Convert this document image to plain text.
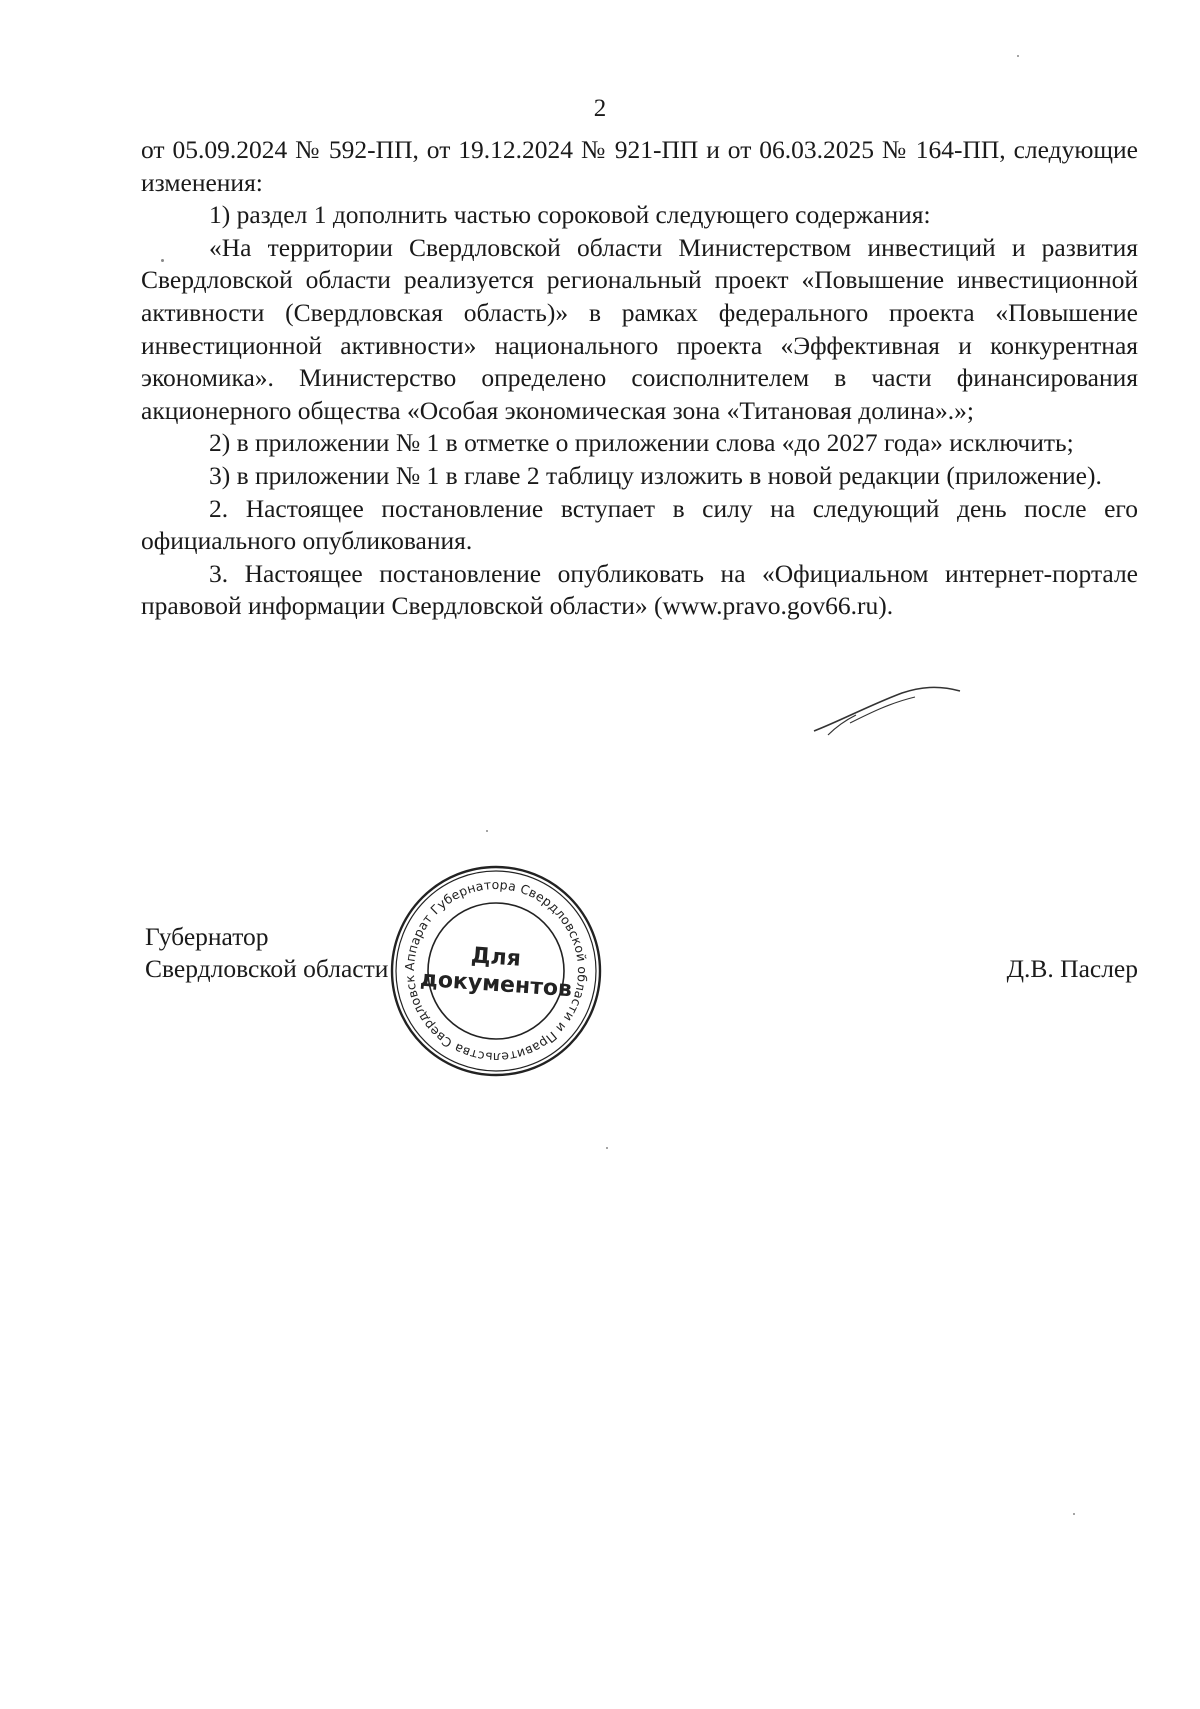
2

от 05.09.2024 № 592-ПП, от 19.12.2024 № 921-ПП и от 06.03.2025 № 164-ПП, следующие изменения:

1) раздел 1 дополнить частью сороковой следующего содержания:

«На территории Свердловской области Министерством инвестиций и развития Свердловской области реализуется региональный проект «Повышение инвестиционной активности (Свердловская область)» в рамках федерального проекта «Повышение инвестиционной активности» национального проекта «Эффективная и конкурентная экономика». Министерство определено соисполнителем в части финансирования акционерного общества «Особая экономическая зона «Титановая долина».»;

2) в приложении № 1 в отметке о приложении слова «до 2027 года» исключить;

3) в приложении № 1 в главе 2 таблицу изложить в новой редакции (приложение).

2. Настоящее постановление вступает в силу на следующий день после его официального опубликования.

3. Настоящее постановление опубликовать на «Официальном интернет-портале правовой информации Свердловской области» (www.pravo.gov66.ru).

Губернатор
Свердловской области	Д.В. Паслер
Аппарат Губернатора Свердловской области и Правительства Свердловск
Для
документов
